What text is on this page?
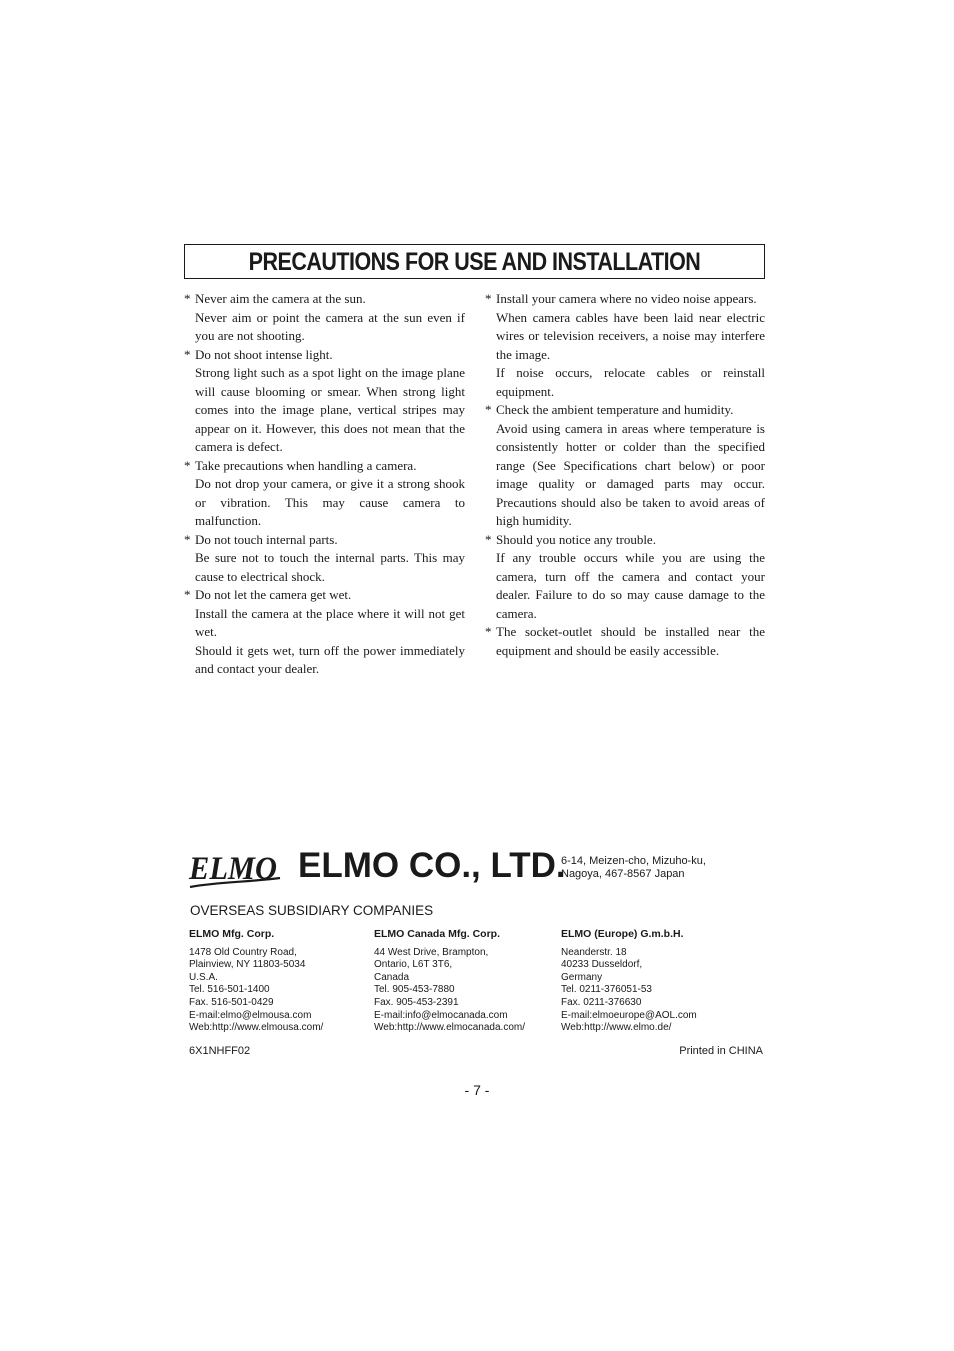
PRECAUTIONS FOR USE AND INSTALLATION
* Never aim the camera at the sun.

Never aim or point the camera at the sun even if you are not shooting.

* Do not shoot intense light.

Strong light such as a spot light on the image plane will cause blooming or smear. When strong light comes into the image plane, vertical stripes may appear on it. However, this does not mean that the camera is defect.

* Take precautions when handling a camera.

Do not drop your camera, or give it a strong shook or vibration. This may cause camera to malfunction.

* Do not touch internal parts.

Be sure not to touch the internal parts. This may cause to electrical shock.

* Do not let the camera get wet.

Install the camera at the place where it will not get wet.

Should it gets wet, turn off the power immediately and contact your dealer.

* Install your camera where no video noise appears.

When camera cables have been laid near electric wires or television receivers, a noise may interfere the image.

If noise occurs, relocate cables or reinstall equipment.

* Check the ambient temperature and humidity.

Avoid using camera in areas where temperature is consistently hotter or colder than the specified range (See Specifications chart below) or poor image quality or damaged parts may occur. Precautions should also be taken to avoid areas of high humidity.

* Should you notice any trouble.

If any trouble occurs while you are using the camera, turn off the camera and contact your dealer. Failure to do so may cause damage to the camera.

* The socket-outlet should be installed near the equipment and should be easily accessible.

ELMO ELMO CO., LTD.
6-14, Meizen-cho, Mizuho-ku,
Nagoya, 467-8567 Japan
OVERSEAS SUBSIDIARY COMPANIES
ELMO Mfg. Corp.
1478 Old Country Road,
Plainview, NY 11803-5034
U.S.A.
Tel. 516-501-1400
Fax. 516-501-0429
E-mail:elmo@elmousa.com
Web:http://www.elmousa.com/
ELMO Canada Mfg. Corp.
44 West Drive, Brampton,
Ontario, L6T 3T6,
Canada
Tel. 905-453-7880
Fax. 905-453-2391
E-mail:info@elmocanada.com
Web:http://www.elmocanada.com/
ELMO (Europe) G.m.b.H.
Neanderstr. 18
40233 Dusseldorf,
Germany
Tel. 0211-376051-53
Fax. 0211-376630
E-mail:elmoeurope@AOL.com
Web:http://www.elmo.de/
6X1NHFF02	Printed in CHINA
- 7 -
